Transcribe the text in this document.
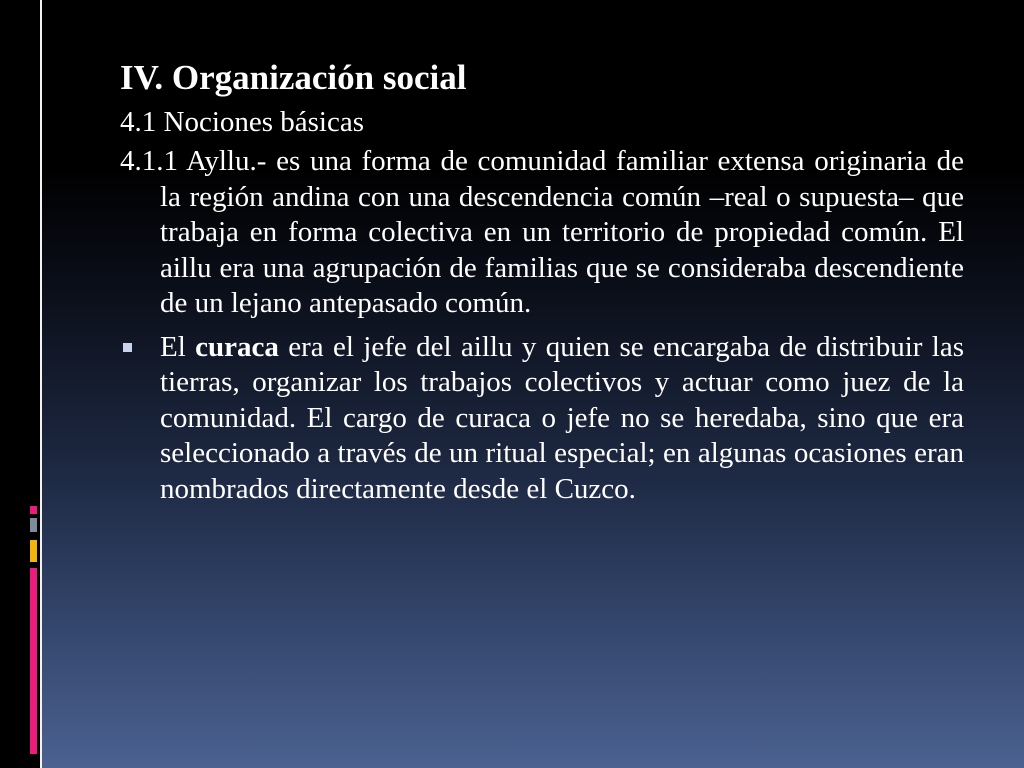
IV. Organización social
4.1 Nociones básicas
4.1.1 Ayllu.- es una forma de comunidad familiar extensa originaria de la región andina con una descendencia común –real o supuesta– que trabaja en forma colectiva en un territorio de propiedad común. El aillu era una agrupación de familias que se consideraba descendiente de un lejano antepasado común.
El curaca era el jefe del aillu y quien se encargaba de distribuir las tierras, organizar los trabajos colectivos y actuar como juez de la comunidad. El cargo de curaca o jefe no se heredaba, sino que era seleccionado a través de un ritual especial; en algunas ocasiones eran nombrados directamente desde el Cuzco.
